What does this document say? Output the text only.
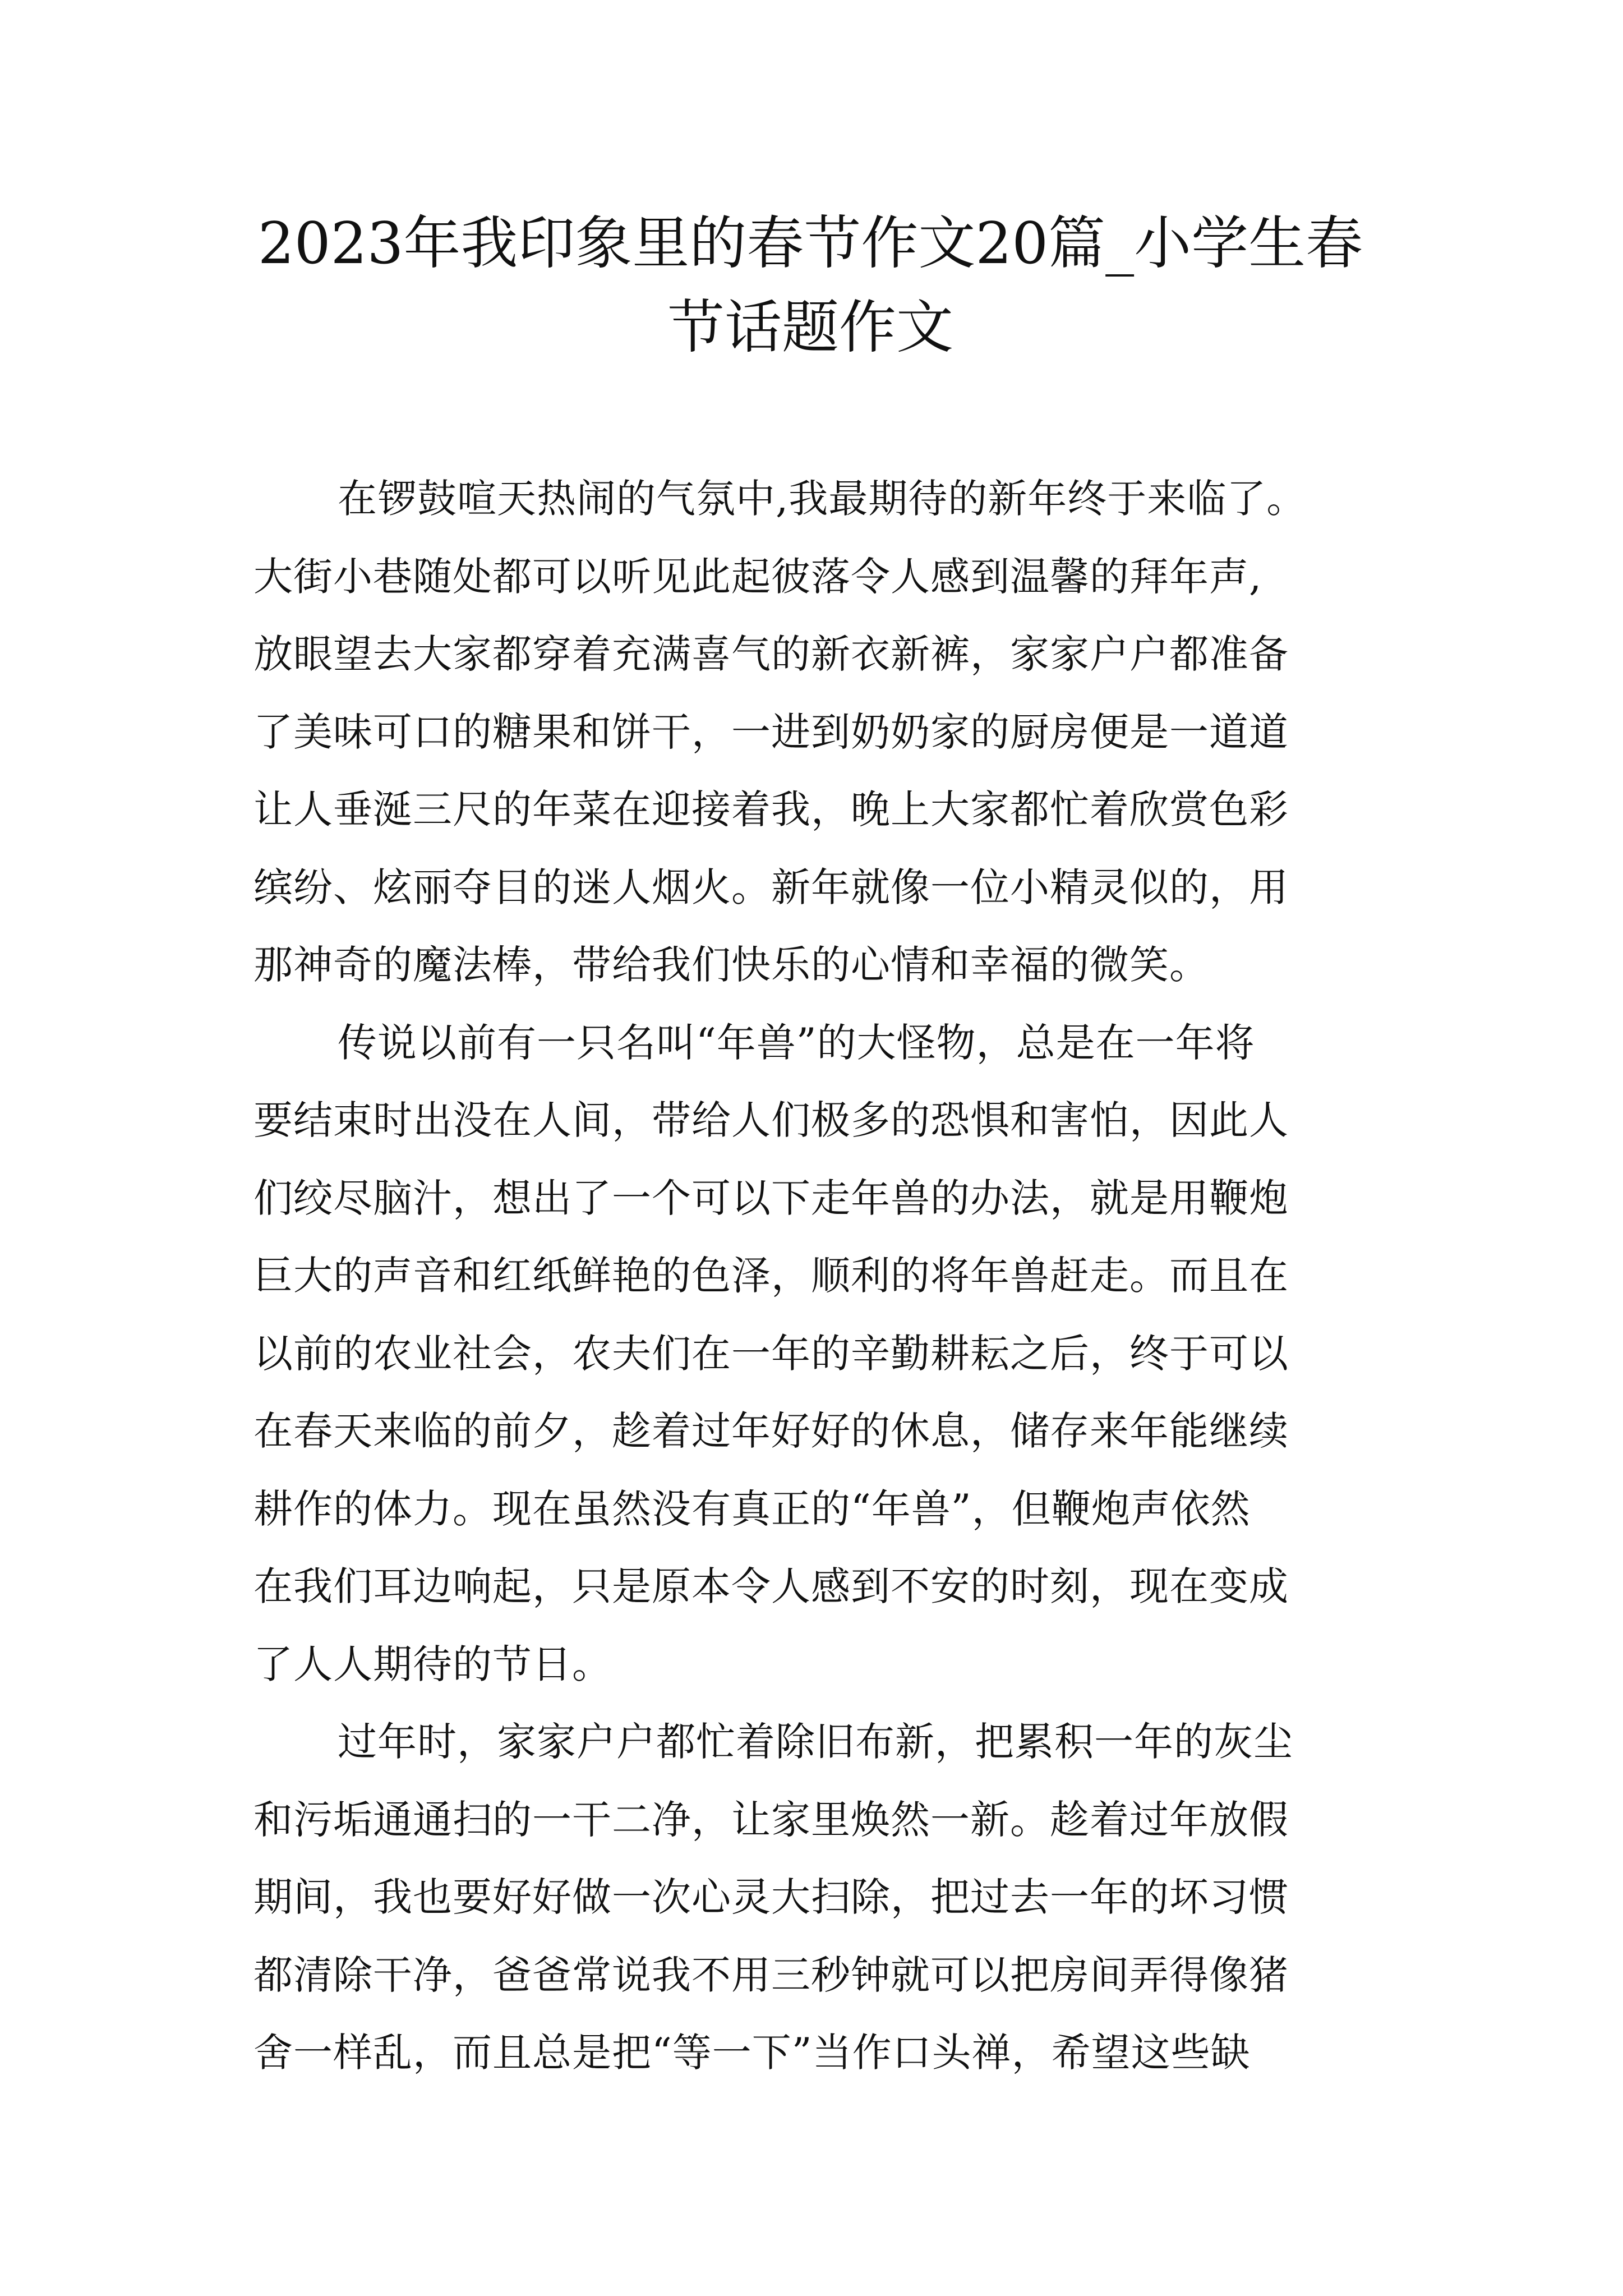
2023年我印象里的春节作文20篇_小学生春
节话题作文
在锣鼓喧天热闹的气氛中,我最期待的新年终于来临了。
大街小巷随处都可以听见此起彼落令人感到温馨的拜年声,
放眼望去大家都穿着充满喜气的新衣新裤，家家户户都准备
了美味可口的糖果和饼干，一进到奶奶家的厨房便是一道道
让人垂涎三尺的年菜在迎接着我，晚上大家都忙着欣赏色彩
缤纷、炫丽夺目的迷人烟火。新年就像一位小精灵似的，用
那神奇的魔法棒，带给我们快乐的心情和幸福的微笑。
传说以前有一只名叫“年兽”的大怪物，总是在一年将
要结束时出没在人间，带给人们极多的恐惧和害怕，因此人
们绞尽脑汁，想出了一个可以下走年兽的办法，就是用鞭炮
巨大的声音和红纸鲜艳的色泽，顺利的将年兽赶走。而且在
以前的农业社会，农夫们在一年的辛勤耕耘之后，终于可以
在春天来临的前夕，趁着过年好好的休息，储存来年能继续
耕作的体力。现在虽然没有真正的“年兽”，但鞭炮声依然
在我们耳边响起，只是原本令人感到不安的时刻，现在变成
了人人期待的节日。
过年时，家家户户都忙着除旧布新，把累积一年的灰尘
和污垢通通扫的一干二净，让家里焕然一新。趁着过年放假
期间，我也要好好做一次心灵大扫除，把过去一年的坏习惯
都清除干净，爸爸常说我不用三秒钟就可以把房间弄得像猪
舍一样乱，而且总是把“等一下”当作口头禅，希望这些缺
